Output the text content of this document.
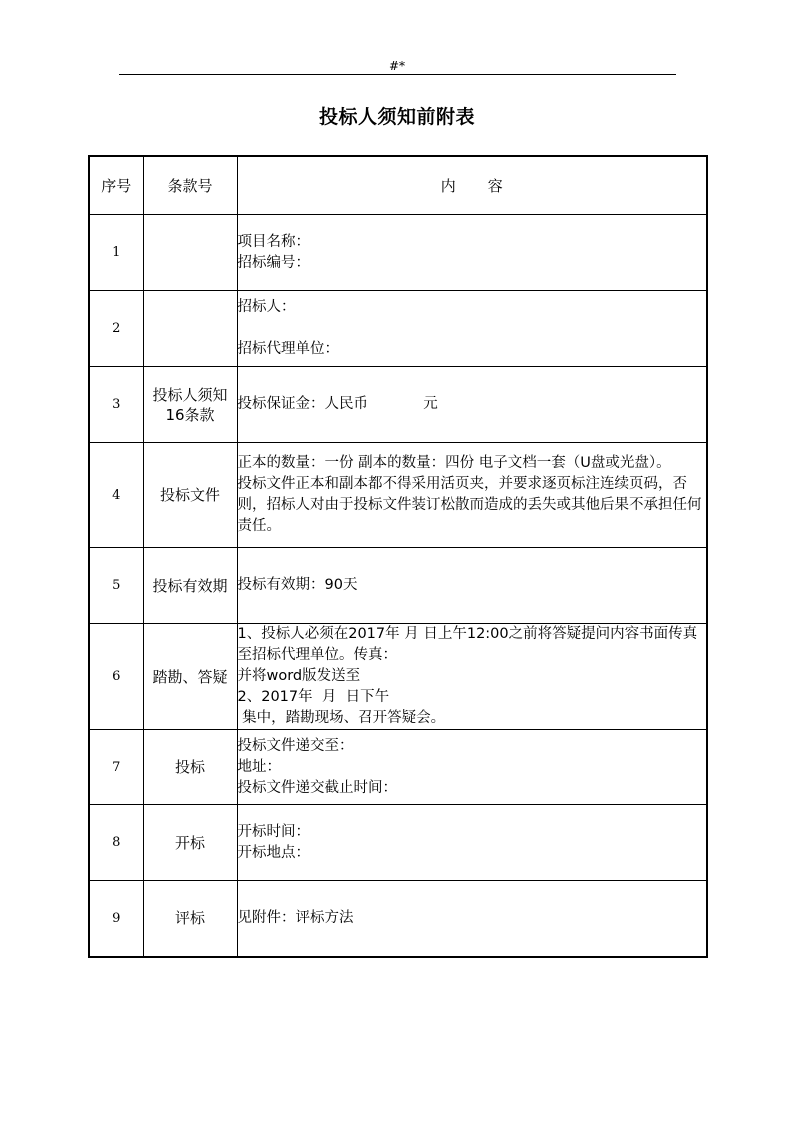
#*
投标人须知前附表
序号	条款号	内容
1		项目名称：
招标编号：

2		招标人：
招标代理单位：

3	投标人须知16条款	投标保证金：人民币            元

4	投标文件	正本的数量：一份 副本的数量：四份 电子文档一套（U盘或光盘）。
投标文件正本和副本都不得采用活页夹，并要求逐页标注连续页码，否则，招标人对由于投标文件装订松散而造成的丢失或其他后果不承担任何责任。

5	投标有效期	投标有效期：90天

6	踏勘、答疑	1、投标人必须在2017年 月 日上午12:00之前将答疑提问内容书面传真至招标代理单位。传真：
并将word版发送至
2、2017年  月  日下午
集中，踏勘现场、召开答疑会。

7	投标	投标文件递交至：
地址：
投标文件递交截止时间：

8	开标	开标时间：
开标地点：

9	评标	见附件：评标方法
